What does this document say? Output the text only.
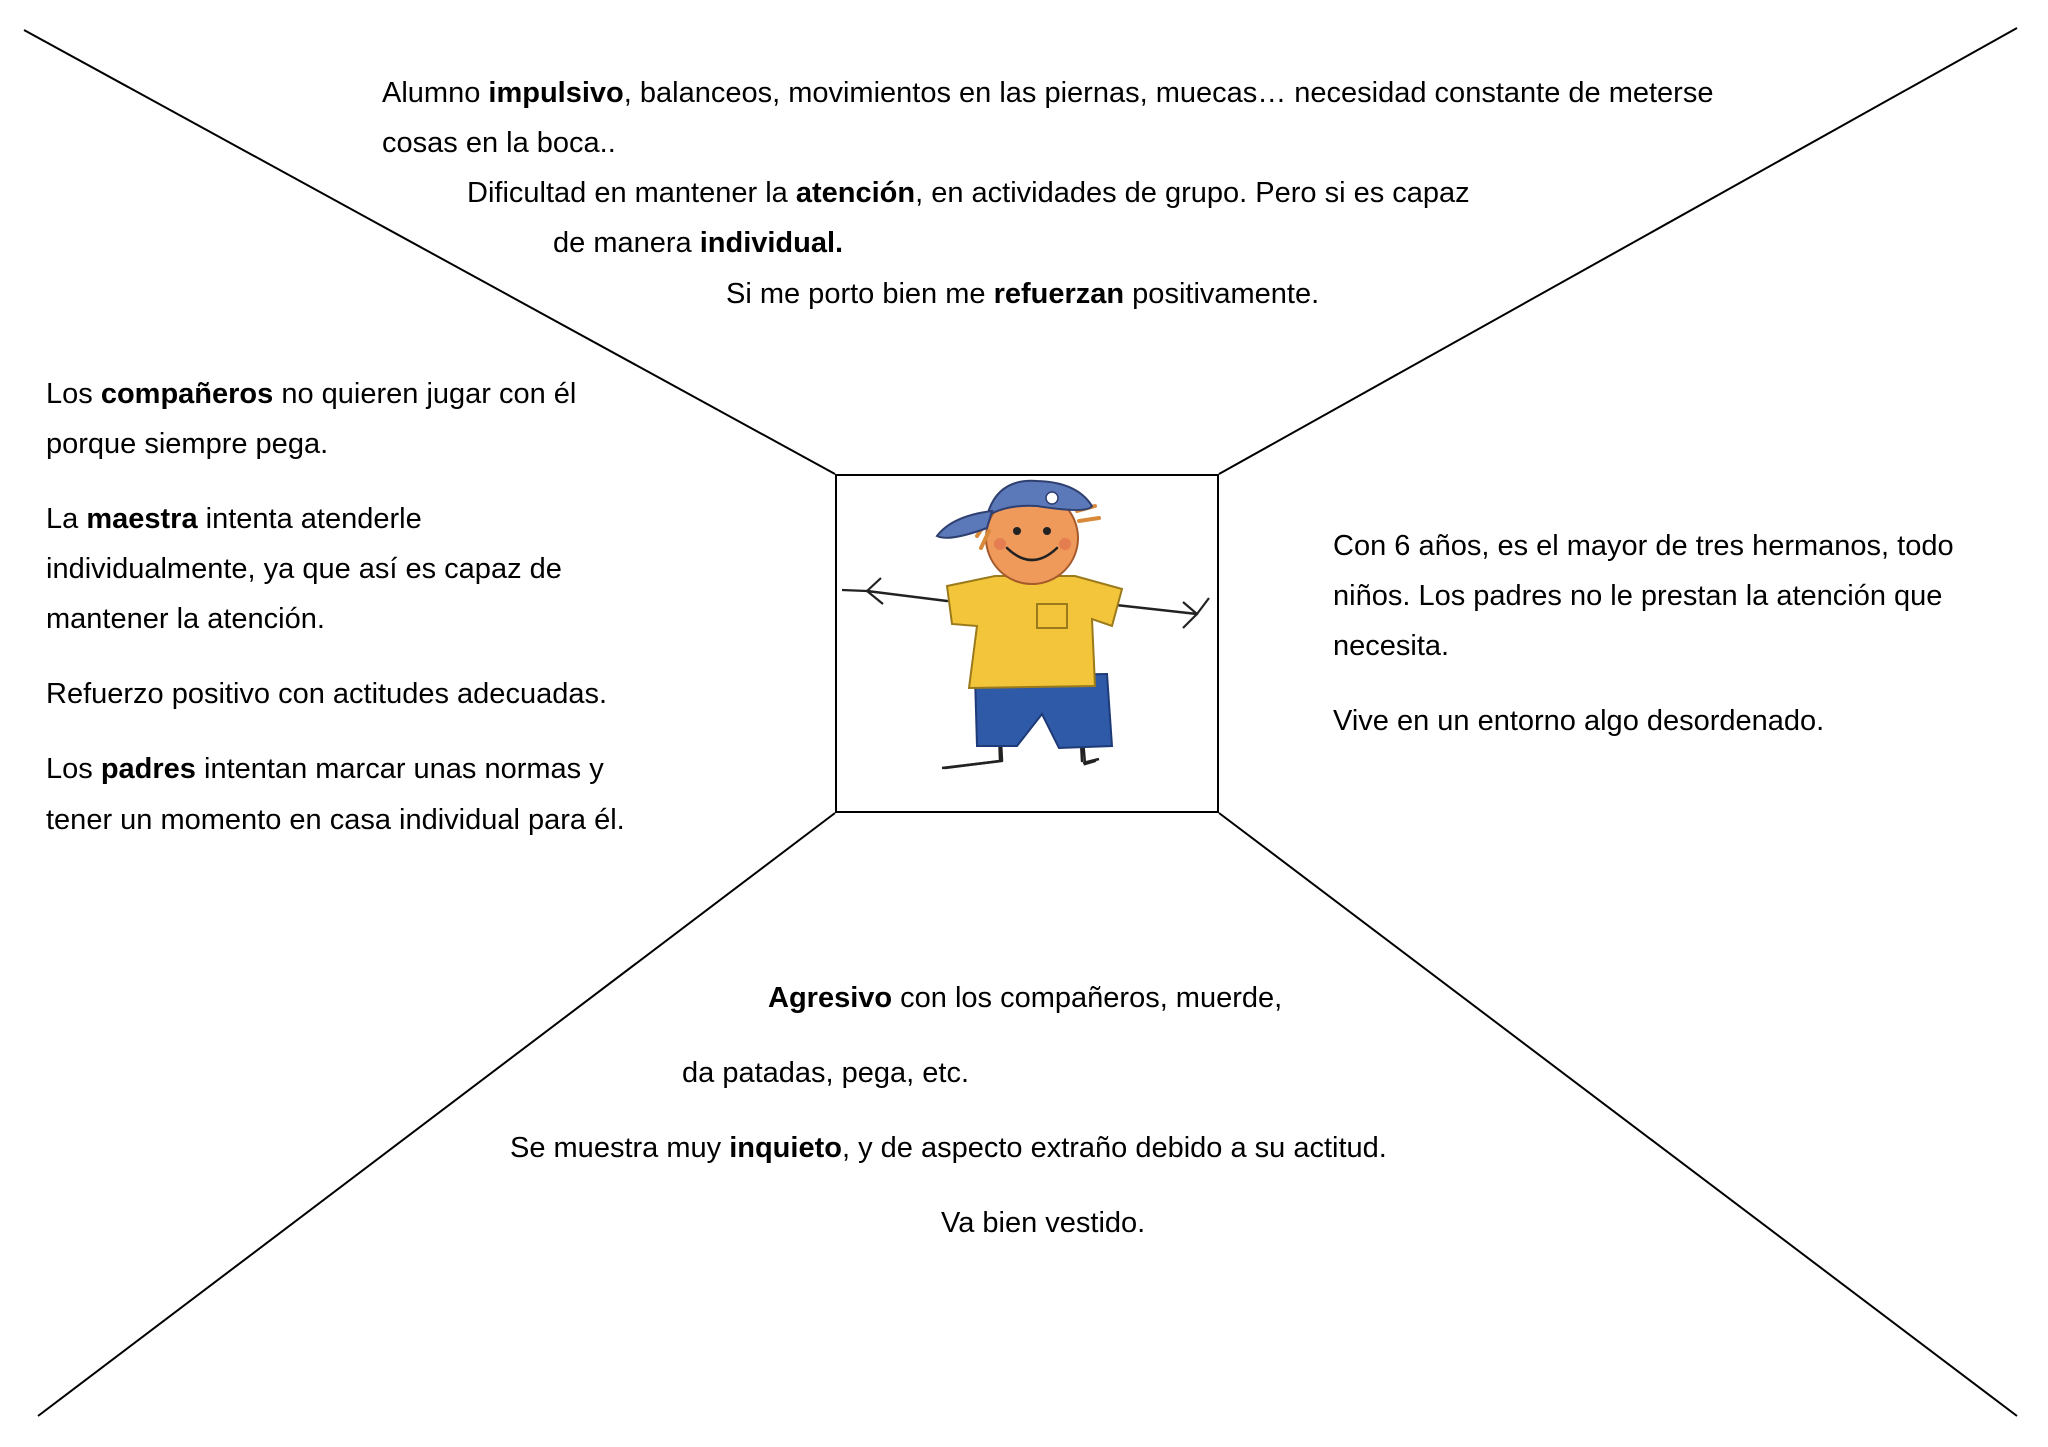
Alumno impulsivo, balanceos, movimientos en las piernas, muecas… necesidad constante de meterse

cosas en la boca..

Dificultad en mantener la atención, en actividades de grupo. Pero si es capaz

de manera individual.

Si me porto bien me refuerzan positivamente.

Los compañeros no quieren jugar con él

porque siempre pega.

La maestra intenta atenderle

individualmente, ya que así es capaz de

mantener la atención.

Refuerzo positivo con actitudes adecuadas.

Los padres intentan marcar unas normas y

tener un momento en casa individual para él.

Con 6 años, es el mayor de tres hermanos, todo

niños. Los padres no le prestan la atención que

necesita.

Vive en un entorno algo desordenado.

Agresivo con los compañeros, muerde,

da patadas, pega, etc.

Se muestra muy inquieto, y de aspecto extraño debido a su actitud.

Va bien vestido.
